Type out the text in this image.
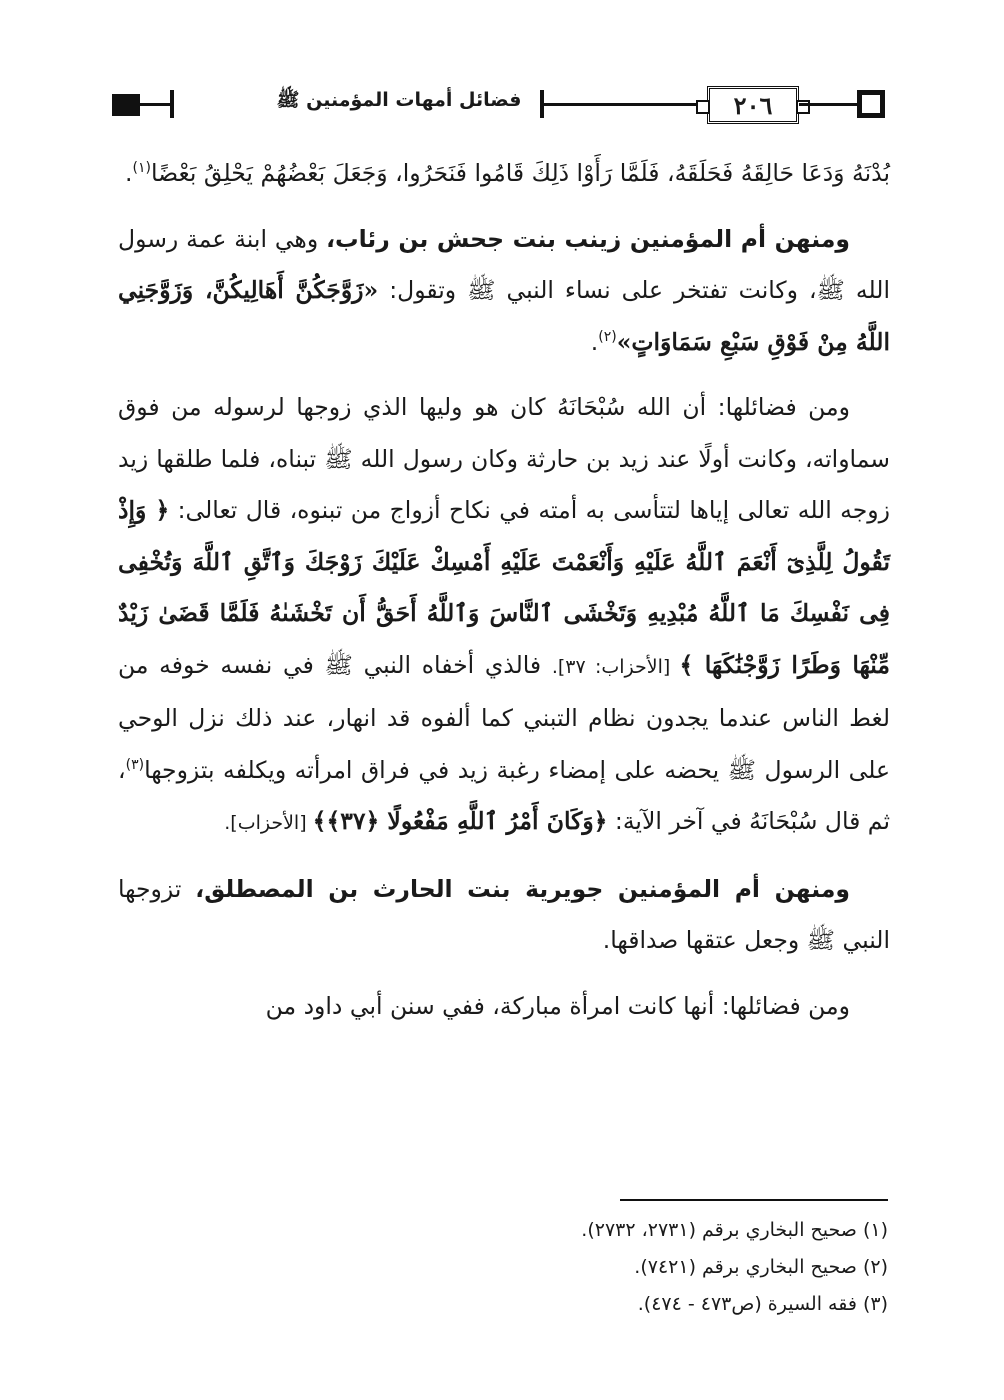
فضائل أمهات المؤمنين ﷺ	٢٠٦

بُدْنَهُ وَدَعَا حَالِقَهُ فَحَلَقَهُ، فَلَمَّا رَأَوْا ذَلِكَ قَامُوا فَنَحَرُوا، وَجَعَلَ بَعْضُهُمْ يَحْلِقُ بَعْضًا$^{(١)}$.

ومنهن أم المؤمنين زينب بنت جحش بن رئاب، وهي ابنة عمة رسول الله ﷺ، وكانت تفتخر على نساء النبي ﷺ وتقول: «زَوَّجَكُنَّ أَهَالِيكُنَّ، وَزَوَّجَنِي اللَّهُ مِنْ فَوْقِ سَبْعِ سَمَاوَاتٍ»$^{(٢)}$.

ومن فضائلها: أن الله سُبْحَانَهُ كان هو وليها الذي زوجها لرسوله من فوق سماواته، وكانت أولًا عند زيد بن حارثة وكان رسول الله ﷺ تبناه، فلما طلقها زيد زوجه الله تعالى إياها لتتأسى به أمته في نكاح أزواج من تبنوه، قال تعالى: ﴿ وَإِذْ تَقُولُ لِلَّذِىٓ أَنْعَمَ ٱللَّهُ عَلَيْهِ وَأَنْعَمْتَ عَلَيْهِ أَمْسِكْ عَلَيْكَ زَوْجَكَ وَٱتَّقِ ٱللَّهَ وَتُخْفِى فِى نَفْسِكَ مَا ٱللَّهُ مُبْدِيهِ وَتَخْشَى ٱلنَّاسَ وَٱللَّهُ أَحَقُّ أَن تَخْشَىٰهُ فَلَمَّا قَضَىٰ زَيْدٌ مِّنْهَا وَطَرًا زَوَّجْنَٰكَهَا ﴾ [الأحزاب: ٣٧]. فالذي أخفاه النبي ﷺ في نفسه خوفه من لغط الناس عندما يجدون نظام التبني كما ألفوه قد انهار، عند ذلك نزل الوحي على الرسول ﷺ يحضه على إمضاء رغبة زيد في فراق امرأته ويكلفه بتزوجها$^{(٣)}$، ثم قال سُبْحَانَهُ في آخر الآية: ﴿وَكَانَ أَمْرُ ٱللَّهِ مَفْعُولًا ﴿٣٧﴾﴾ [الأحزاب].

ومنهن أم المؤمنين جويرية بنت الحارث بن المصطلق، تزوجها النبي ﷺ وجعل عتقها صداقها.

ومن فضائلها: أنها كانت امرأة مباركة، ففي سنن أبي داود من

(١) صحيح البخاري برقم (٢٧٣١، ٢٧٣٢).

(٢) صحيح البخاري برقم (٧٤٢١).

(٣) فقه السيرة (ص٤٧٣ - ٤٧٤).
